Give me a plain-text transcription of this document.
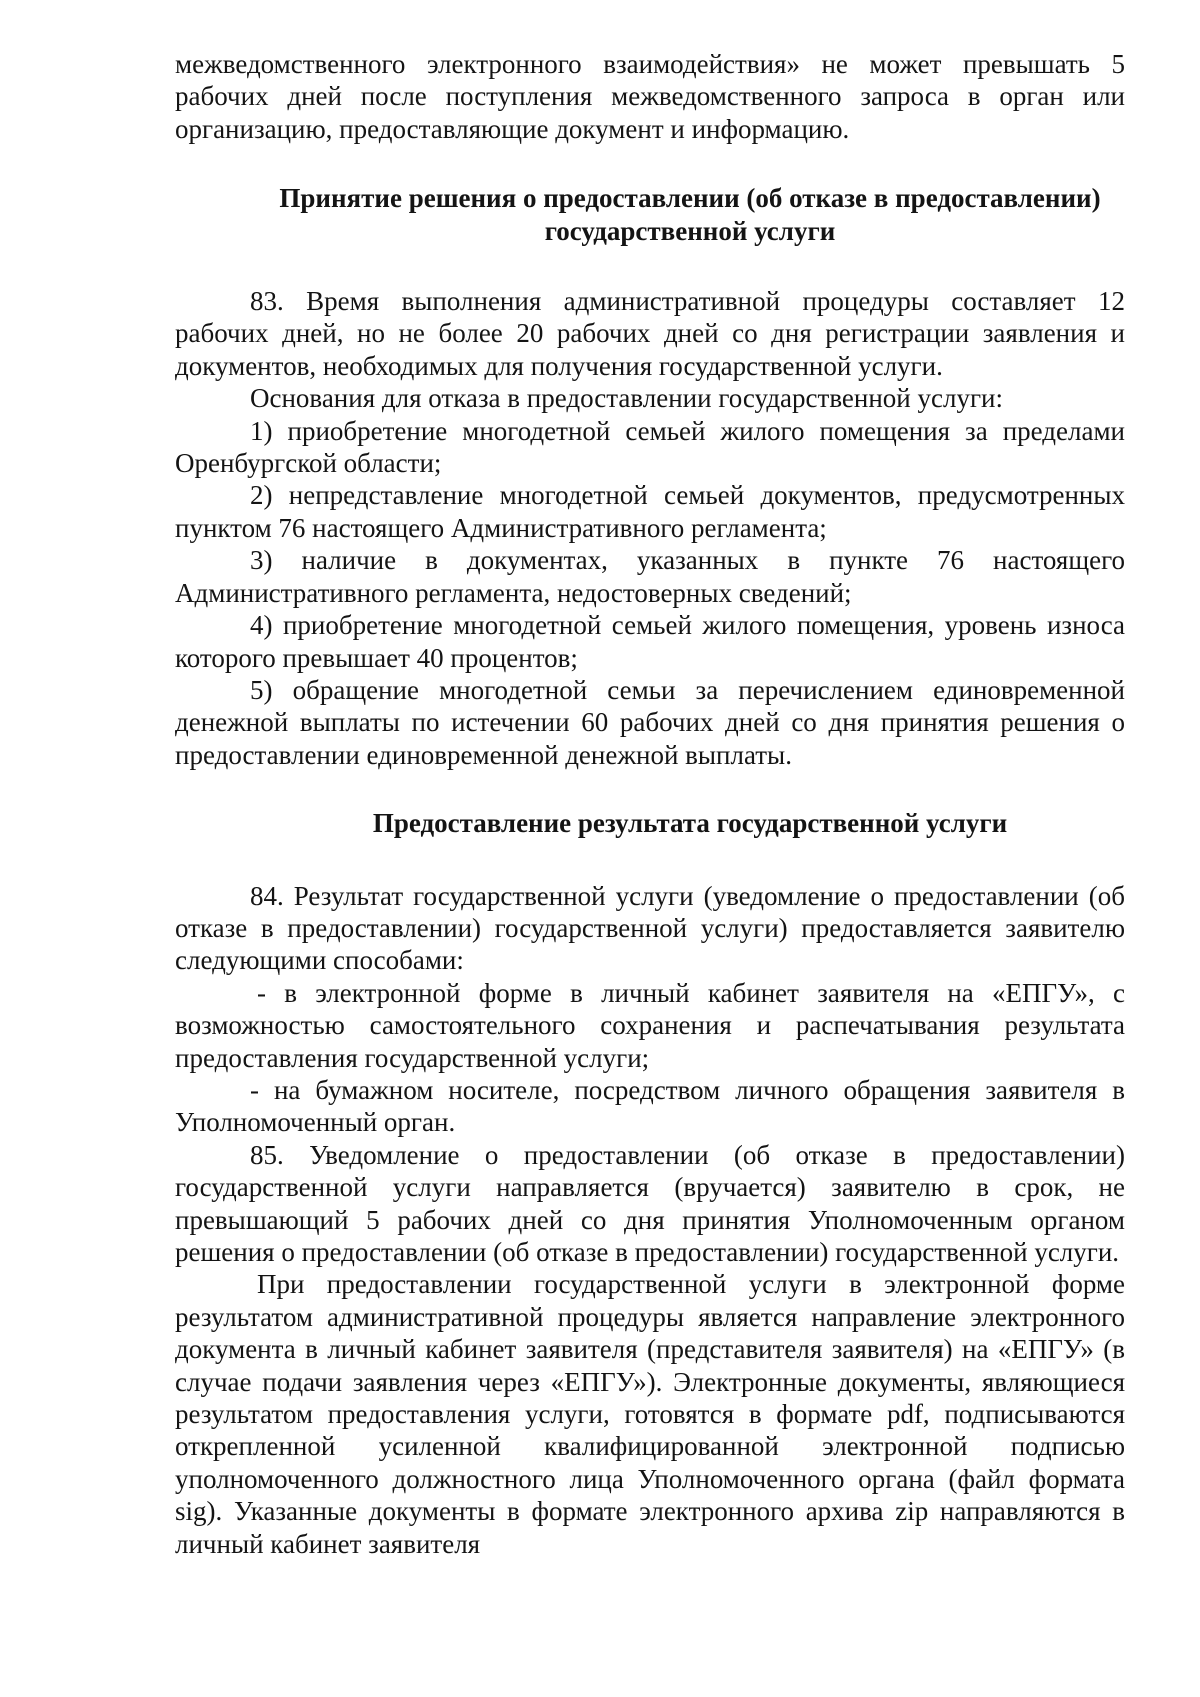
межведомственного электронного взаимодействия» не может превышать 5 рабочих дней после поступления межведомственного запроса в орган или организацию, предоставляющие документ и информацию.

Принятие решения о предоставлении (об отказе в предоставлении)
государственной услуги

83. Время выполнения административной процедуры составляет 12 рабочих дней, но не более 20 рабочих дней со дня регистрации заявления и документов, необходимых для получения государственной услуги.

Основания для отказа в предоставлении государственной услуги:

1) приобретение многодетной семьей жилого помещения за пределами Оренбургской области;

2) непредставление многодетной семьей документов, предусмотренных пунктом 76 настоящего Административного регламента;

3) наличие в документах, указанных в пункте 76 настоящего Административного регламента, недостоверных сведений;

4) приобретение многодетной семьей жилого помещения, уровень износа которого превышает 40 процентов;

5) обращение многодетной семьи за перечислением единовременной денежной выплаты по истечении 60 рабочих дней со дня принятия решения о предоставлении единовременной денежной выплаты.

Предоставление результата государственной услуги

84. Результат государственной услуги (уведомление о предоставлении (об отказе в предоставлении) государственной услуги) предоставляется заявителю следующими способами:

- в электронной форме в личный кабинет заявителя на «ЕПГУ», с возможностью самостоятельного сохранения и распечатывания результата предоставления государственной услуги;

- на бумажном носителе, посредством личного обращения заявителя в Уполномоченный орган.

85. Уведомление о предоставлении (об отказе в предоставлении) государственной услуги направляется (вручается) заявителю в срок, не превышающий 5 рабочих дней со дня принятия Уполномоченным органом решения о предоставлении (об отказе в предоставлении) государственной услуги.

При предоставлении государственной услуги в электронной форме результатом административной процедуры является направление электронного документа в личный кабинет заявителя (представителя заявителя) на «ЕПГУ» (в случае подачи заявления через «ЕПГУ»). Электронные документы, являющиеся результатом предоставления услуги, готовятся в формате pdf, подписываются открепленной усиленной квалифицированной электронной подписью уполномоченного должностного лица Уполномоченного органа (файл формата sig). Указанные документы в формате электронного архива zip направляются в личный кабинет заявителя
